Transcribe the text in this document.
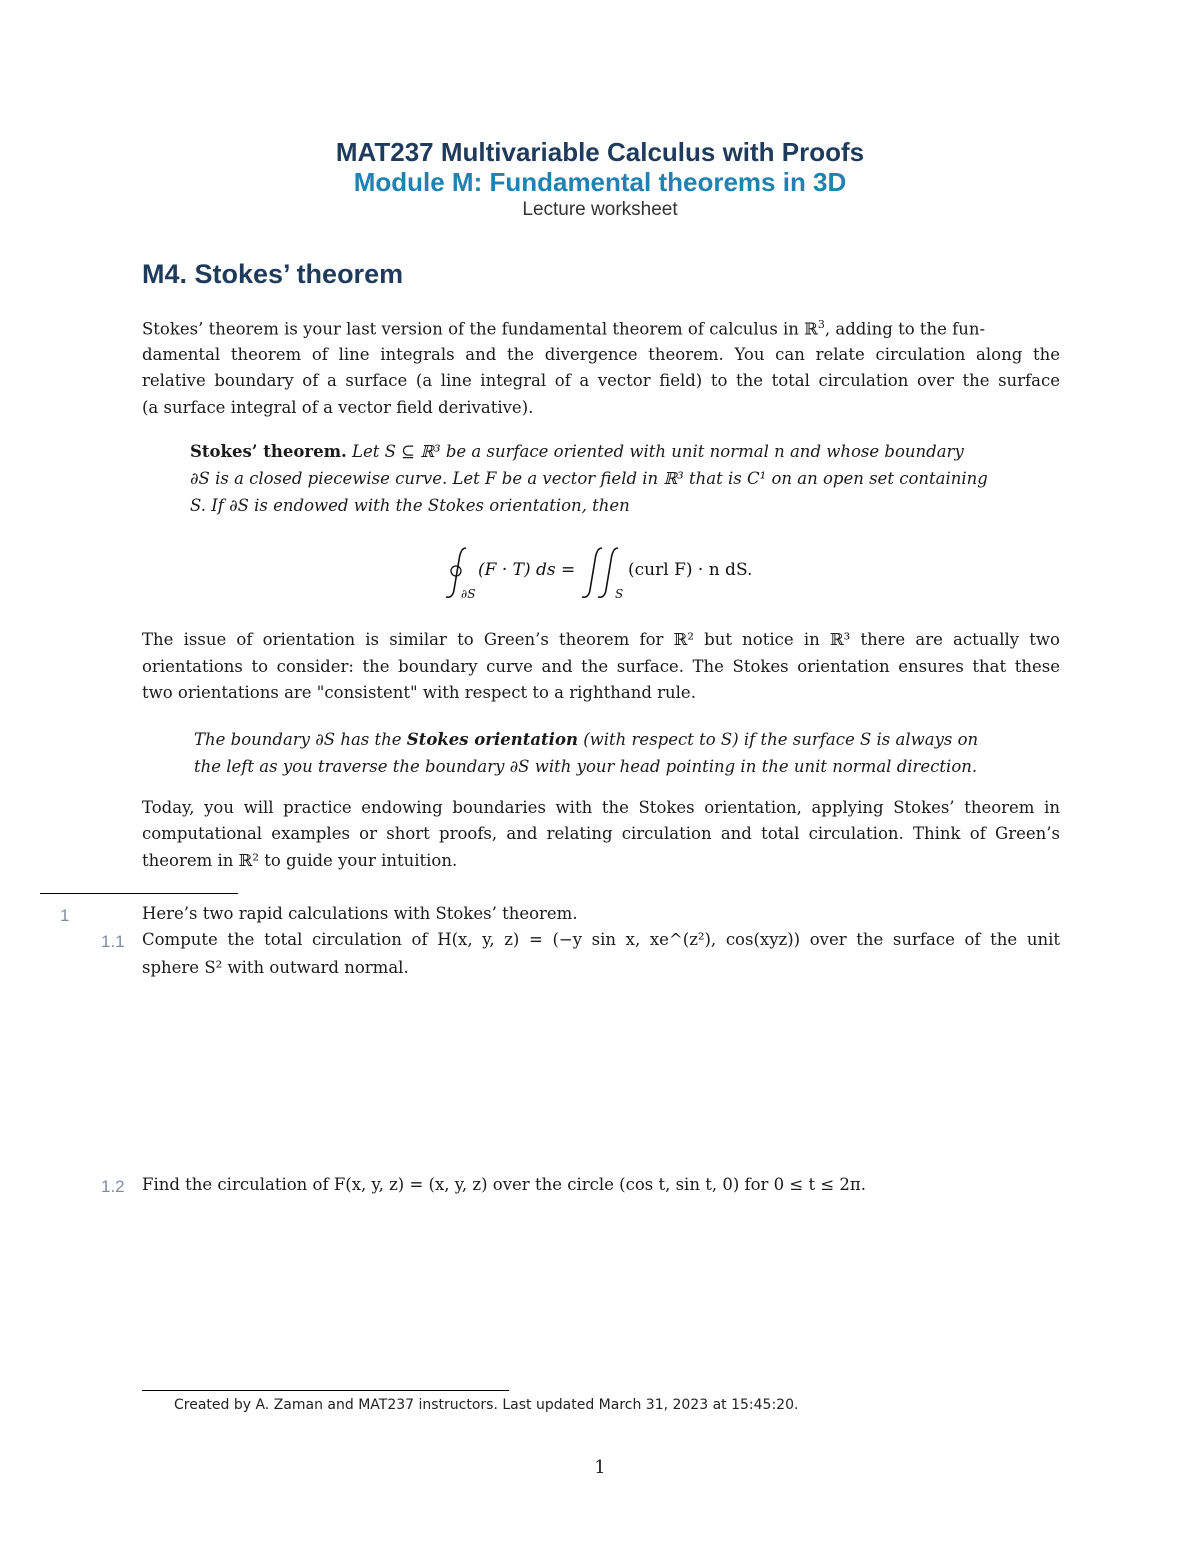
MAT237 Multivariable Calculus with Proofs
Module M: Fundamental theorems in 3D
Lecture worksheet
M4. Stokes’ theorem
Stokes’ theorem is your last version of the fundamental theorem of calculus in ℝ$^3$, adding to the fun-
damental theorem of line integrals and the divergence theorem. You can relate circulation along the
relative boundary of a surface (a line integral of a vector field) to the total circulation over the surface
(a surface integral of a vector field derivative).
Stokes’ theorem. Let S ⊆ ℝ³ be a surface oriented with unit normal n and whose boundary
∂S is a closed piecewise curve. Let F be a vector field in ℝ³ that is C¹ on an open set containing
S. If ∂S is endowed with the Stokes orientation, then
∂S
(F · T) ds =
S
(curl F) · n dS.
The issue of orientation is similar to Green’s theorem for ℝ² but notice in ℝ³ there are actually two
orientations to consider: the boundary curve and the surface. The Stokes orientation ensures that these
two orientations are "consistent" with respect to a righthand rule.
The boundary ∂S has the Stokes orientation (with respect to S) if the surface S is always on
the left as you traverse the boundary ∂S with your head pointing in the unit normal direction.
Today, you will practice endowing boundaries with the Stokes orientation, applying Stokes’ theorem in
computational examples or short proofs, and relating circulation and total circulation. Think of Green’s
theorem in ℝ² to guide your intuition.
1	Here’s two rapid calculations with Stokes’ theorem.
1.1 Compute the total circulation of H(x, y, z) = (−y sin x, xe^(z²), cos(xyz)) over the surface of the unit
sphere S² with outward normal.
1.2 Find the circulation of F(x, y, z) = (x, y, z) over the circle (cos t, sin t, 0) for 0 ≤ t ≤ 2π.
Created by A. Zaman and MAT237 instructors. Last updated March 31, 2023 at 15:45:20.
1
